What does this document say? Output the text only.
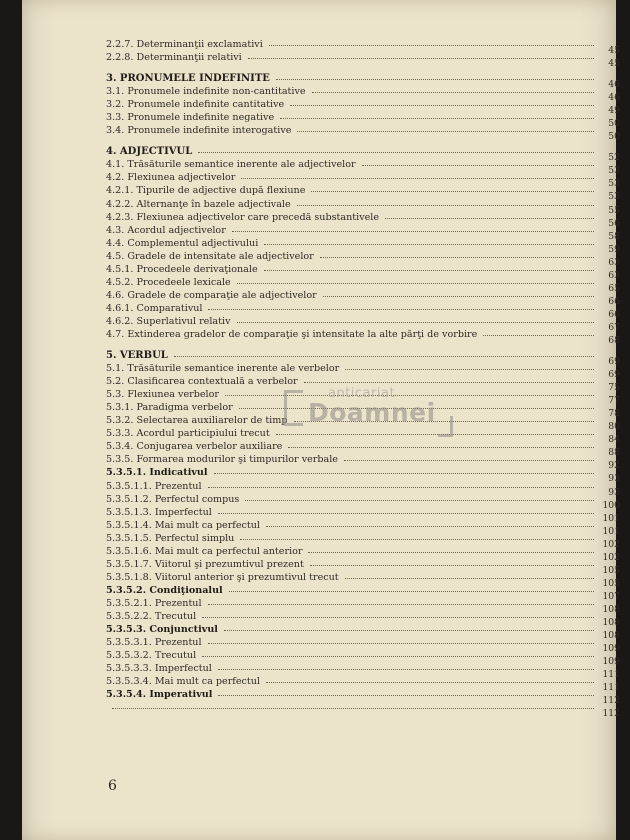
2.2.7. Determinanţii exclamativi
45
2.2.8. Determinanţii relativi
45
3. PRONUMELE INDEFINITE
46
3.1. Pronumele indefinite non-cantitative
46
3.2. Pronumele indefinite cantitative
49
3.3. Pronumele indefinite negative
50
3.4. Pronumele indefinite interogative
50
4. ADJECTIVUL
52
4.1. Trăsăturile semantice inerente ale adjectivelor
53
4.2. Flexiunea adjectivelor
53
4.2.1. Tipurile de adjective după flexiune
53
4.2.2. Alternanţe în bazele adjectivale
55
4.2.3. Flexiunea adjectivelor care precedă substantivele
56
4.3. Acordul adjectivelor
58
4.4. Complementul adjectivului
59
4.5. Gradele de intensitate ale adjectivelor
63
4.5.1. Procedeele derivaţionale
63
4.5.2. Procedeele lexicale
65
4.6. Gradele de comparaţie ale adjectivelor
66
4.6.1. Comparativul
66
4.6.2. Superlativul relativ
67
4.7. Extinderea gradelor de comparaţie şi intensitate la alte părţi de vorbire
68
5. VERBUL
69
5.1. Trăsăturile semantice inerente ale verbelor
69
5.2. Clasificarea contextuală a verbelor
75
5.3. Flexiunea verbelor
77
5.3.1. Paradigma verbelor
78
5.3.2. Selectarea auxiliarelor de timp
80
5.3.3. Acordul participiului trecut
84
5.3.4. Conjugarea verbelor auxiliare
88
5.3.5. Formarea modurilor şi timpurilor verbale
92
5.3.5.1. Indicativul
93
5.3.5.1.1. Prezentul
93
5.3.5.1.2. Perfectul compus
100
5.3.5.1.3. Imperfectul
101
5.3.5.1.4. Mai mult ca perfectul
101
5.3.5.1.5. Perfectul simplu
102
5.3.5.1.6. Mai mult ca perfectul anterior
102
5.3.5.1.7. Viitorul şi prezumtivul prezent
105
5.3.5.1.8. Viitorul anterior şi prezumtivul trecut
105
5.3.5.2. Condiţionalul
107
5.3.5.2.1. Prezentul
108
5.3.5.2.2. Trecutul
108
5.3.5.3. Conjunctivul
108
5.3.5.3.1. Prezentul
109
5.3.5.3.2. Trecutul
109
5.3.5.3.3. Imperfectul
111
5.3.5.3.4. Mai mult ca perfectul
111
5.3.5.4. Imperativul
112
112
anticariat
Doamnei
6
